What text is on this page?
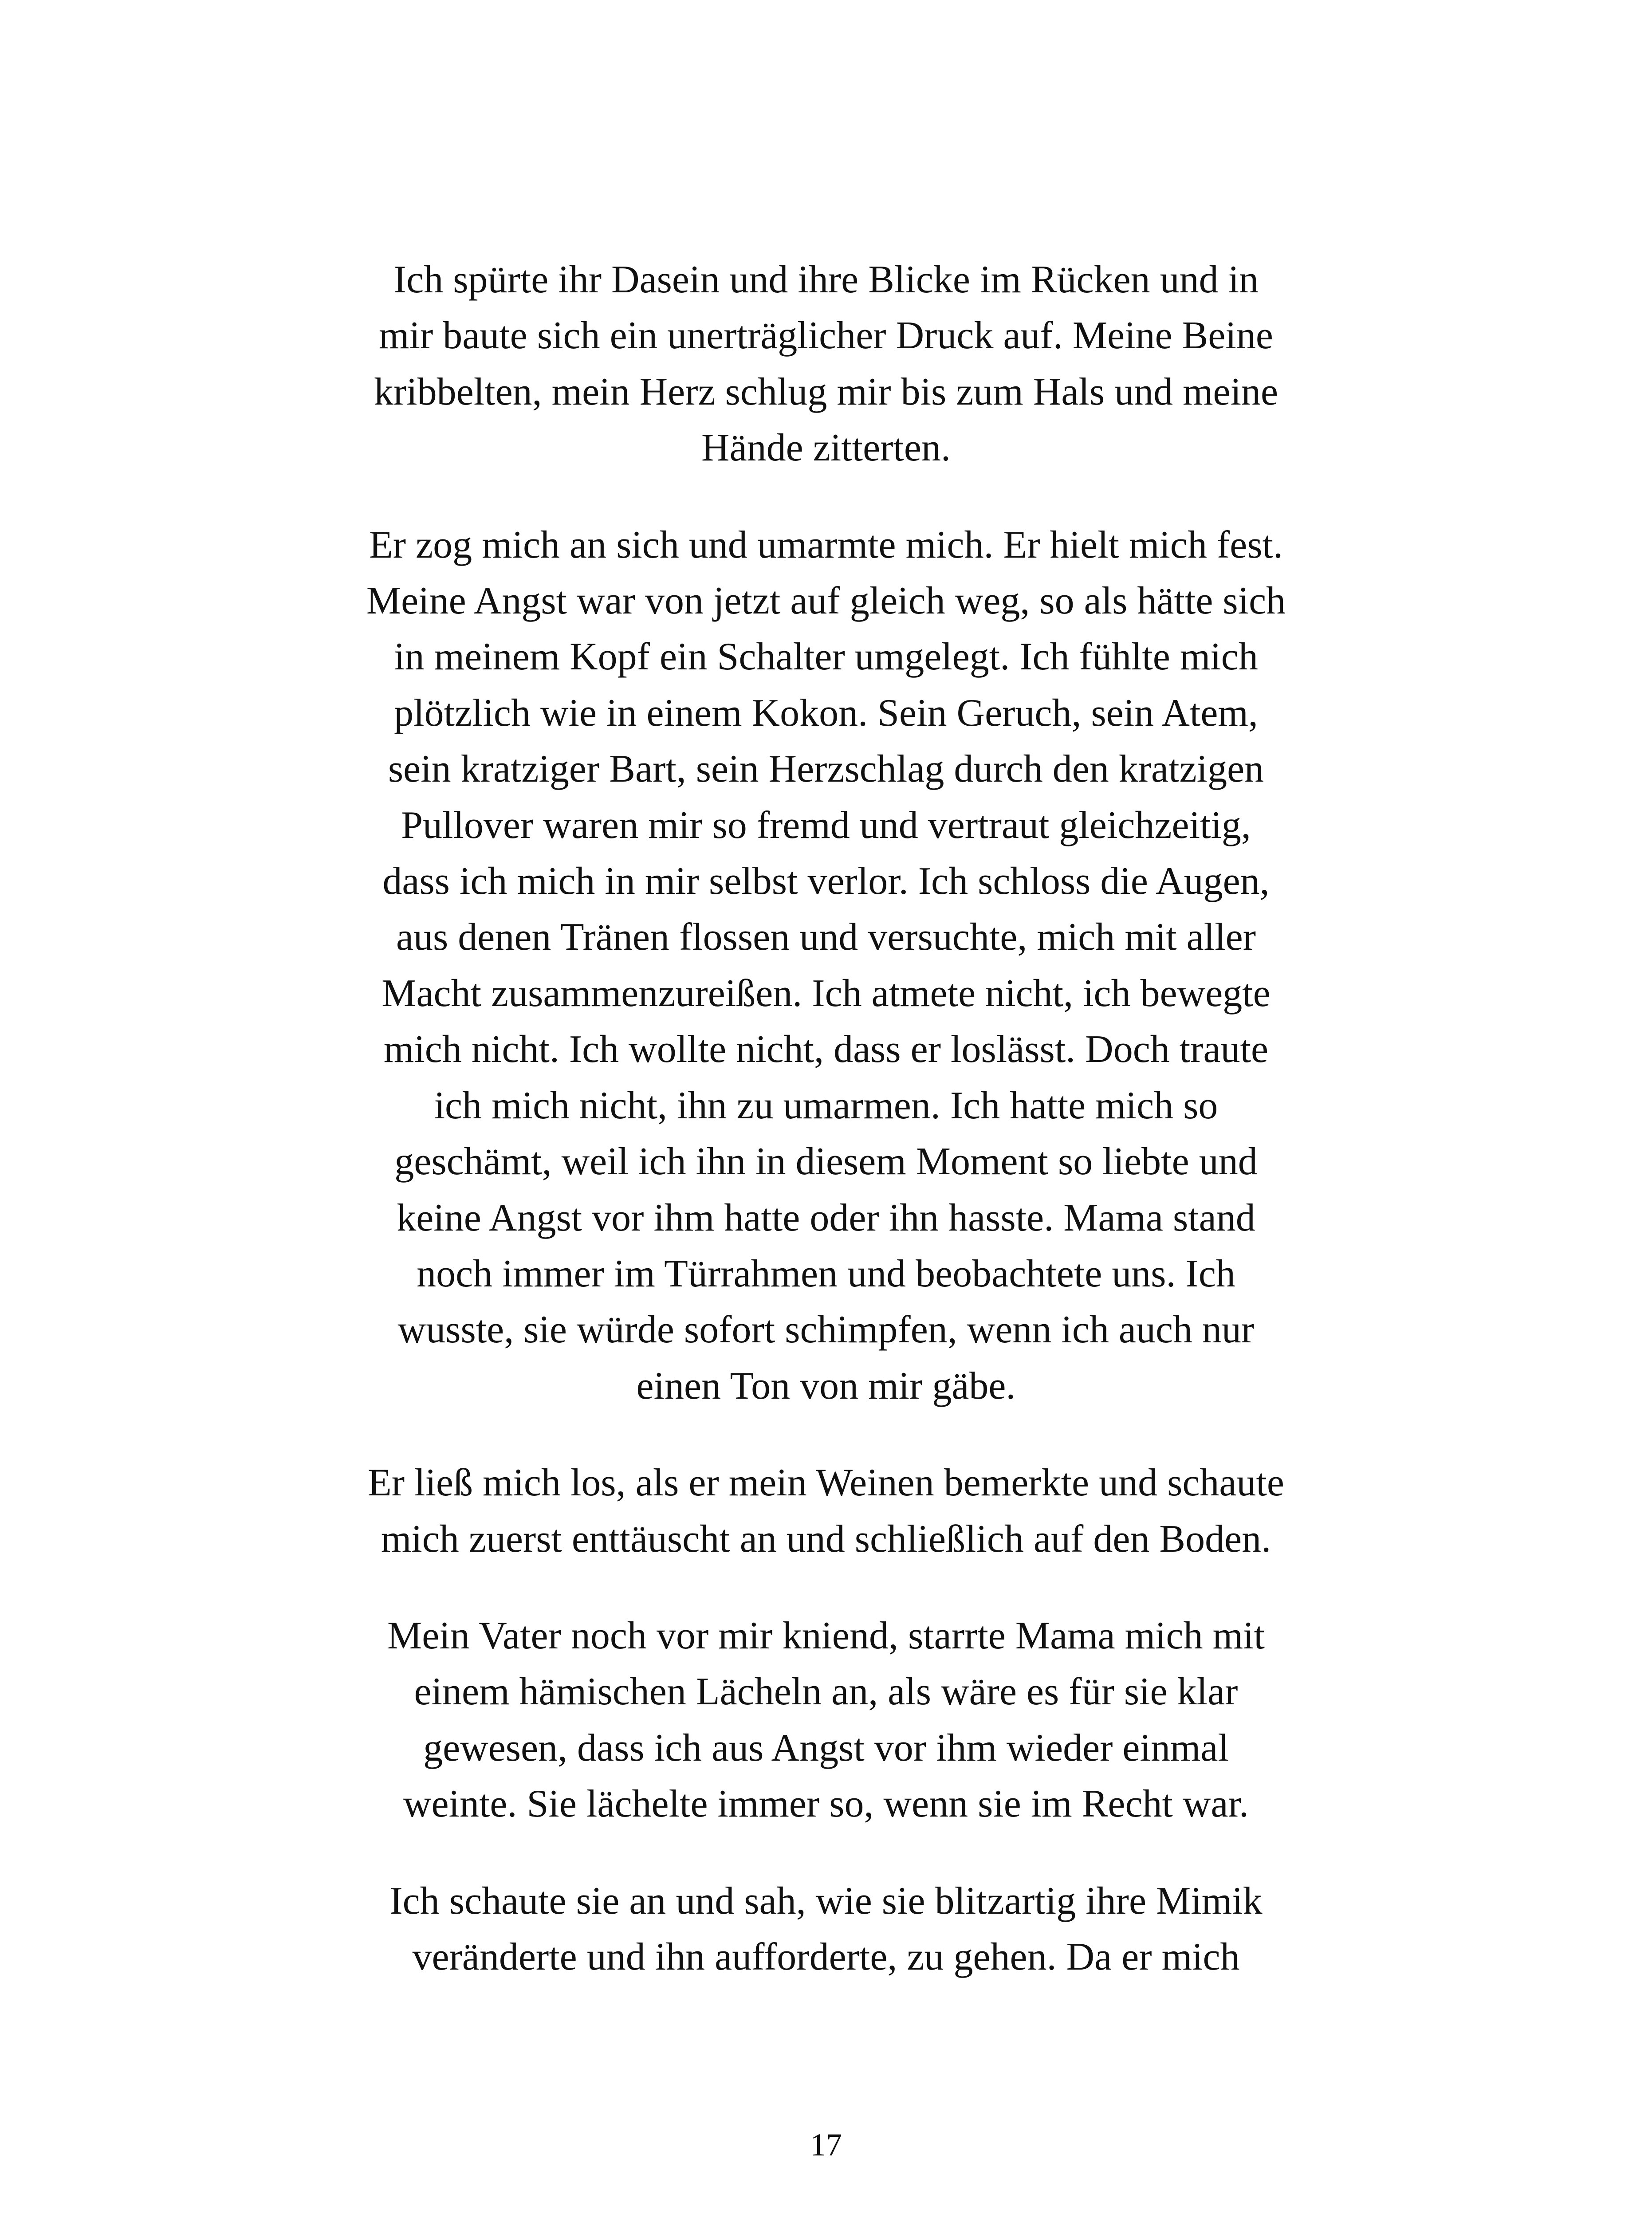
Ich spürte ihr Dasein und ihre Blicke im Rücken und in
mir baute sich ein unerträglicher Druck auf. Meine Beine
kribbelten, mein Herz schlug mir bis zum Hals und meine
Hände zitterten.

Er zog mich an sich und umarmte mich. Er hielt mich fest.
Meine Angst war von jetzt auf gleich weg, so als hätte sich
in meinem Kopf ein Schalter umgelegt. Ich fühlte mich
plötzlich wie in einem Kokon. Sein Geruch, sein Atem,
sein kratziger Bart, sein Herzschlag durch den kratzigen
Pullover waren mir so fremd und vertraut gleichzeitig,
dass ich mich in mir selbst verlor. Ich schloss die Augen,
aus denen Tränen flossen und versuchte, mich mit aller
Macht zusammenzureißen. Ich atmete nicht, ich bewegte
mich nicht. Ich wollte nicht, dass er loslässt. Doch traute
ich mich nicht, ihn zu umarmen. Ich hatte mich so
geschämt, weil ich ihn in diesem Moment so liebte und
keine Angst vor ihm hatte oder ihn hasste. Mama stand
noch immer im Türrahmen und beobachtete uns. Ich
wusste, sie würde sofort schimpfen, wenn ich auch nur
einen Ton von mir gäbe.

Er ließ mich los, als er mein Weinen bemerkte und schaute
mich zuerst enttäuscht an und schließlich auf den Boden.

Mein Vater noch vor mir kniend, starrte Mama mich mit
einem hämischen Lächeln an, als wäre es für sie klar
gewesen, dass ich aus Angst vor ihm wieder einmal
weinte. Sie lächelte immer so, wenn sie im Recht war.

Ich schaute sie an und sah, wie sie blitzartig ihre Mimik
veränderte und ihn aufforderte, zu gehen. Da er mich

17
